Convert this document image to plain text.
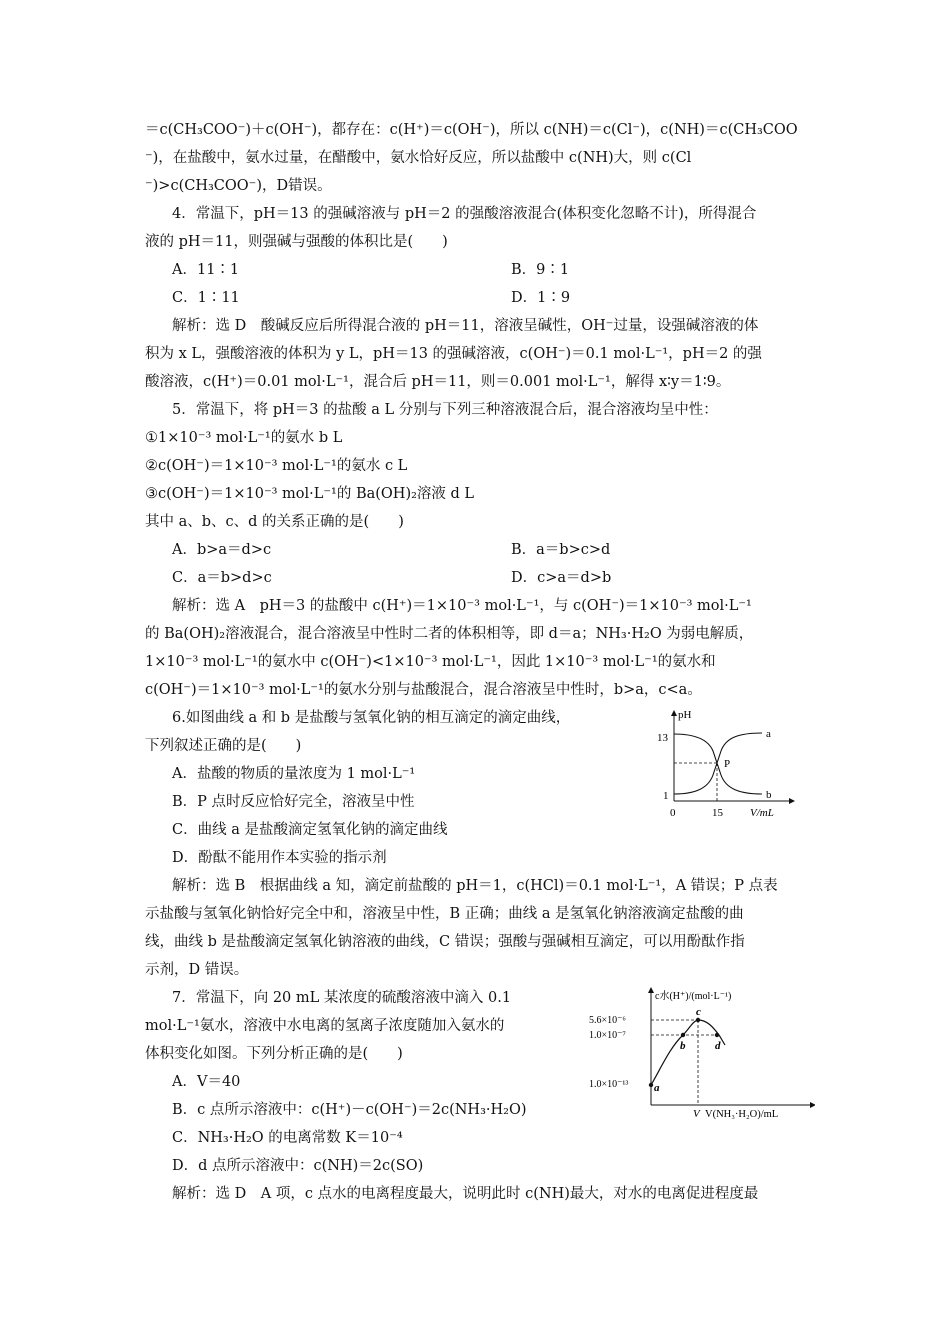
＝c(CH₃COO⁻)＋c(OH⁻)，都存在：c(H⁺)＝c(OH⁻)，所以 c(NH)＝c(Cl⁻)，c(NH)＝c(CH₃COO
⁻)，在盐酸中，氨水过量，在醋酸中，氨水恰好反应，所以盐酸中 c(NH)大，则 c(Cl
⁻)>c(CH₃COO⁻)，D错误。
4．常温下，pH＝13 的强碱溶液与 pH＝2 的强酸溶液混合(体积变化忽略不计)，所得混合
液的 pH＝11，则强碱与强酸的体积比是(　　)
A．11∶1	B．9∶1
C．1∶11	D．1∶9
解析：选 D　酸碱反应后所得混合液的 pH＝11，溶液呈碱性，OH⁻过量，设强碱溶液的体
积为 x L，强酸溶液的体积为 y L，pH＝13 的强碱溶液，c(OH⁻)＝0.1 mol·L⁻¹，pH＝2 的强
酸溶液，c(H⁺)＝0.01 mol·L⁻¹，混合后 pH＝11，则＝0.001 mol·L⁻¹，解得 x∶y＝1∶9。
5．常温下，将 pH＝3 的盐酸 a L 分别与下列三种溶液混合后，混合溶液均呈中性：
①1×10⁻³ mol·L⁻¹的氨水 b L
②c(OH⁻)＝1×10⁻³ mol·L⁻¹的氨水 c L
③c(OH⁻)＝1×10⁻³ mol·L⁻¹的 Ba(OH)₂溶液 d L
其中 a、b、c、d 的关系正确的是(　　)
A．b>a＝d>c	B．a＝b>c>d
C．a＝b>d>c	D．c>a＝d>b
解析：选 A　pH＝3 的盐酸中 c(H⁺)＝1×10⁻³ mol·L⁻¹，与 c(OH⁻)＝1×10⁻³ mol·L⁻¹
的 Ba(OH)₂溶液混合，混合溶液呈中性时二者的体积相等，即 d＝a；NH₃·H₂O 为弱电解质，
1×10⁻³ mol·L⁻¹的氨水中 c(OH⁻)<1×10⁻³ mol·L⁻¹，因此 1×10⁻³ mol·L⁻¹的氨水和
c(OH⁻)＝1×10⁻³ mol·L⁻¹的氨水分别与盐酸混合，混合溶液呈中性时，b>a，c<a。
6.如图曲线 a 和 b 是盐酸与氢氧化钠的相互滴定的滴定曲线，
下列叙述正确的是(　　)
A．盐酸的物质的量浓度为 1 mol·L⁻¹
B．P 点时反应恰好完全，溶液呈中性
C．曲线 a 是盐酸滴定氢氧化钠的滴定曲线
D．酚酞不能用作本实验的指示剂
解析：选 B　根据曲线 a 知，滴定前盐酸的 pH＝1，c(HCl)＝0.1 mol·L⁻¹，A 错误；P 点表
示盐酸与氢氧化钠恰好完全中和，溶液呈中性，B 正确；曲线 a 是氢氧化钠溶液滴定盐酸的曲
线，曲线 b 是盐酸滴定氢氧化钠溶液的曲线，C 错误；强酸与强碱相互滴定，可以用酚酞作指
示剂，D 错误。
7．常温下，向 20 mL 某浓度的硫酸溶液中滴入 0.1
mol·L⁻¹氨水，溶液中水电离的氢离子浓度随加入氨水的
体积变化如图。下列分析正确的是(　　)
A．V＝40
B．c 点所示溶液中：c(H⁺)－c(OH⁻)＝2c(NH₃·H₂O)
C．NH₃·H₂O 的电离常数 K＝10⁻⁴
D．d 点所示溶液中：c(NH)＝2c(SO)
解析：选 D　A 项，c 点水的电离程度最大，说明此时 c(NH)最大，对水的电离促进程度最
pH
13
1
0	15 V/mL
a
b
P
c水(H⁺)/(mol·L⁻¹)
5.6×10⁻⁶
1.0×10⁻⁷
1.0×10⁻¹³ a
b
c
d
V V(NH₃·H₂O)/mL
